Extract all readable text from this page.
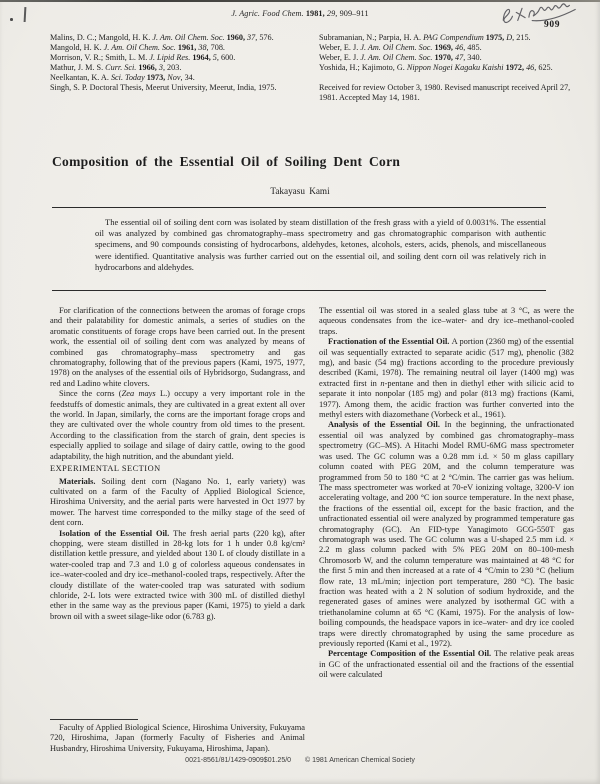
J. Agric. Food Chem. 1981, 29, 909–911

909

Malins, D. C.; Mangold, H. K. J. Am. Oil Chem. Soc. 1960, 37, 576.

Mangold, H. K. J. Am. Oil Chem. Soc. 1961, 38, 708.

Morrison, V. R.; Smith, L. M. J. Lipid Res. 1964, 5, 600.

Mathur, J. M. S. Curr. Sci. 1966, 3, 203.

Neelkantan, K. A. Sci. Today 1973, Nov, 34.

Singh, S. P. Doctoral Thesis, Meerut University, Meerut, India, 1975.

Subramanian, N.; Parpia, H. A. PAG Compendium 1975, D, 215.

Weber, E. J. J. Am. Oil Chem. Soc. 1969, 46, 485.

Weber, E. J. J. Am. Oil Chem. Soc. 1970, 47, 340.

Yoshida, H.; Kajimoto, G. Nippon Nogei Kagaku Kaishi 1972, 46, 625.

Received for review October 3, 1980. Revised manuscript received April 27, 1981. Accepted May 14, 1981.

Composition of the Essential Oil of Soiling Dent Corn

Takayasu Kami

The essential oil of soiling dent corn was isolated by steam distillation of the fresh grass with a yield of 0.0031%. The essential oil was analyzed by combined gas chromatography–mass spectrometry and gas chromatographic comparison with authentic specimens, and 90 compounds consisting of hydrocarbons, aldehydes, ketones, alcohols, esters, acids, phenols, and miscellaneous were identified. Quantitative analysis was further carried out on the essential oil, and soiling dent corn oil was relatively rich in hydrocarbons and aldehydes.

For clarification of the connections between the aromas of forage crops and their palatability for domestic animals, a series of studies on the aromatic constituents of forage crops have been carried out. In the present work, the essential oil of soiling dent corn was analyzed by means of combined gas chromatography–mass spectrometry and gas chromatography, following that of the previous papers (Kami, 1975, 1977, 1978) on the analyses of the essential oils of Hybridsorgo, Sudangrass, and red and Ladino white clovers.

Since the corns (Zea mays L.) occupy a very important role in the feedstuffs of domestic animals, they are cultivated in a great extent all over the world. In Japan, similarly, the corns are the important forage crops and they are cultivated over the whole country from old times to the present. According to the classification from the starch of grain, dent species is especially applied to soilage and silage of dairy cattle, owing to the good adaptability, the high nutrition, and the abundant yield.

EXPERIMENTAL SECTION

Materials. Soiling dent corn (Nagano No. 1, early variety) was cultivated on a farm of the Faculty of Applied Biological Science, Hiroshima University, and the aerial parts were harvested in Oct 1977 by mower. The harvest time corresponded to the milky stage of the seed of dent corn.

Isolation of the Essential Oil. The fresh aerial parts (220 kg), after chopping, were steam distilled in 28-kg lots for 1 h under 0.8 kg/cm² distillation kettle pressure, and yielded about 130 L of cloudy distillate in a water-cooled trap and 7.3 and 1.0 g of colorless aqueous condensates in ice–water-cooled and dry ice–methanol-cooled traps, respectively. After the cloudy distillate of the water-cooled trap was saturated with sodium chloride, 2-L lots were extracted twice with 300 mL of distilled diethyl ether in the same way as the previous paper (Kami, 1975) to yield a dark brown oil with a sweet silage-like odor (6.783 g).

Faculty of Applied Biological Science, Hiroshima University, Fukuyama 720, Hiroshima, Japan (formerly Faculty of Fisheries and Animal Husbandry, Hiroshima University, Fukuyama, Hiroshima, Japan).

The essential oil was stored in a sealed glass tube at 3 °C, as were the aqueous condensates from the ice–water- and dry ice–methanol-cooled traps.

Fractionation of the Essential Oil. A portion (2360 mg) of the essential oil was sequentially extracted to separate acidic (517 mg), phenolic (382 mg), and basic (54 mg) fractions according to the procedure previously described (Kami, 1978). The remaining neutral oil layer (1400 mg) was extracted first in n-pentane and then in diethyl ether with silicic acid to separate it into nonpolar (185 mg) and polar (813 mg) fractions (Kami, 1977). Among them, the acidic fraction was further converted into the methyl esters with diazomethane (Vorbeck et al., 1961).

Analysis of the Essential Oil. In the beginning, the unfractionated essential oil was analyzed by combined gas chromatography–mass spectrometry (GC–MS). A Hitachi Model RMU-6MG mass spectrometer was used. The GC column was a 0.28 mm i.d. × 50 m glass capillary column coated with PEG 20M, and the column temperature was programmed from 50 to 180 °C at 2 °C/min. The carrier gas was helium. The mass spectrometer was worked at 70-eV ionizing voltage, 3200-V ion accelerating voltage, and 200 °C ion source temperature. In the next phase, the fractions of the essential oil, except for the basic fraction, and the unfractionated essential oil were analyzed by programmed temperature gas chromatography (GC). An FID-type Yanagimoto GCG-550T gas chromatograph was used. The GC column was a U-shaped 2.5 mm i.d. × 2.2 m glass column packed with 5% PEG 20M on 80–100-mesh Chromosorb W, and the column temperature was maintained at 48 °C for the first 5 min and then increased at a rate of 4 °C/min to 230 °C (helium flow rate, 13 mL/min; injection port temperature, 280 °C). The basic fraction was heated with a 2 N solution of sodium hydroxide, and the regenerated gases of amines were analyzed by isothermal GC with a triethanolamine column at 65 °C (Kami, 1975). For the analysis of low-boiling compounds, the headspace vapors in ice–water- and dry ice cooled traps were directly chromatographed by using the same procedure as previously reported (Kami et al., 1972).

Percentage Composition of the Essential Oil. The relative peak areas in GC of the unfractionated essential oil and the fractions of the essential oil were calculated

0021-8561/81/1429-0909$01.25/0 © 1981 American Chemical Society
